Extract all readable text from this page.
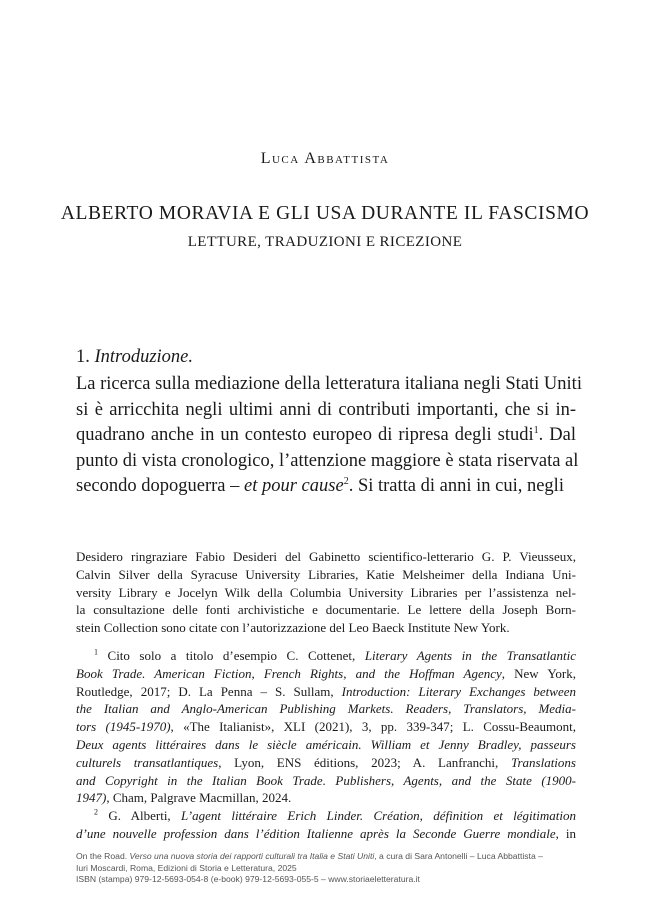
Luca Abbattista
ALBERTO MORAVIA E GLI USA DURANTE IL FASCISMO
LETTURE, TRADUZIONI E RICEZIONE
1. Introduzione.
La ricerca sulla mediazione della letteratura italiana negli Stati Uniti
si è arricchita negli ultimi anni di contributi importanti, che si in-
quadrano anche in un contesto europeo di ripresa degli studi$^1$. Dal
punto di vista cronologico, l’attenzione maggiore è stata riservata al
secondo dopoguerra – et pour cause$^2$. Si tratta di anni in cui, negli
Desidero ringraziare Fabio Desideri del Gabinetto scientifico-letterario G. P. Vieusseux,
Calvin Silver della Syracuse University Libraries, Katie Melsheimer della Indiana Uni-
versity Library e Jocelyn Wilk della Columbia University Libraries per l’assistenza nel-
la consultazione delle fonti archivistiche e documentarie. Le lettere della Joseph Born-
stein Collection sono citate con l’autorizzazione del Leo Baeck Institute New York.
$^1$ Cito solo a titolo d’esempio C. Cottenet, Literary Agents in the Transatlantic
Book Trade. American Fiction, French Rights, and the Hoffman Agency, New York,
Routledge, 2017; D. La Penna – S. Sullam, Introduction: Literary Exchanges between
the Italian and Anglo-American Publishing Markets. Readers, Translators, Media-
tors (1945-1970), «The Italianist», XLI (2021), 3, pp. 339-347; L. Cossu-Beaumont,
Deux agents littéraires dans le siècle américain. William et Jenny Bradley, passeurs
culturels transatlantiques, Lyon, ENS éditions, 2023; A. Lanfranchi, Translations
and Copyright in the Italian Book Trade. Publishers, Agents, and the State (1900-
1947), Cham, Palgrave Macmillan, 2024.
$^2$ G. Alberti, L’agent littéraire Erich Linder. Création, définition et légitimation
d’une nouvelle profession dans l’édition Italienne après la Seconde Guerre mondiale, in
On the Road. Verso una nuova storia dei rapporti culturali tra Italia e Stati Uniti, a cura di Sara Antonelli – Luca Abbattista –
Iuri Moscardi, Roma, Edizioni di Storia e Letteratura, 2025
ISBN (stampa) 979-12-5693-054-8 (e-book) 979-12-5693-055-5 – www.storiaeletteratura.it
